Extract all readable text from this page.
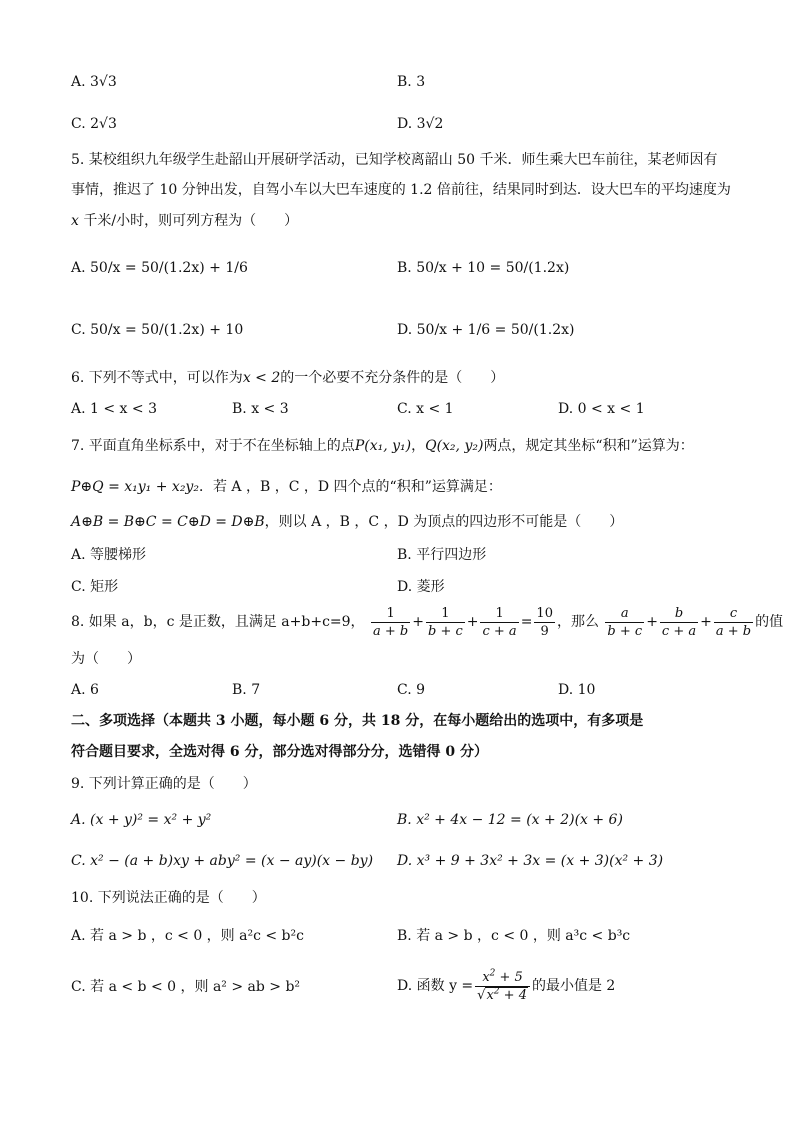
A. 3√3	B. 3
C. 2√3	D. 3√2
5. 某校组织九年级学生赴韶山开展研学活动，已知学校离韶山 50 千米．师生乘大巴车前往，某老师因有
事情，推迟了 10 分钟出发，自驾小车以大巴车速度的 1.2 倍前往，结果同时到达．设大巴车的平均速度为
x 千米/小时，则可列方程为（　　）
A. 50/x = 50/(1.2x) + 1/6	B. 50/x + 10 = 50/(1.2x)
C. 50/x = 50/(1.2x) + 10	D. 50/x + 1/6 = 50/(1.2x)
6. 下列不等式中，可以作为x < 2的一个必要不充分条件的是（　　）
A. 1 < x < 3	B. x < 3	C. x < 1	D. 0 < x < 1
7. 平面直角坐标系中，对于不在坐标轴上的点P(x₁, y₁)，Q(x₂, y₂)两点，规定其坐标“积和”运算为：
P⊕Q = x₁y₁ + x₂y₂．若 A ，B ，C ，D 四个点的“积和”运算满足：
A⊕B = B⊕C = C⊕D = D⊕B，则以 A ，B ，C ，D 为顶点的四边形不可能是（　　）
A. 等腰梯形	B. 平行四边形
C. 矩形	D. 菱形
8. 如果 a，b，c 是正数，且满足 a+b+c=9， $\frac{1}{a + b} + \frac{1}{b + c} + \frac{1}{c + a} = \frac{10}{9}$ ，那么 $\frac{a}{b + c} + \frac{b}{c + a} + \frac{c}{a + b}$ 的值
为（　　）
A. 6	B. 7	C. 9	D. 10
二、多项选择（本题共 3 小题，每小题 6 分，共 18 分，在每小题给出的选项中，有多项是
符合题目要求，全选对得 6 分，部分选对得部分分，选错得 0 分）
9. 下列计算正确的是（　　）
A. (x + y)² = x² + y²	B. x² + 4x − 12 = (x + 2)(x + 6)
C. x² − (a + b)xy + aby² = (x − ay)(x − by) D. x³ + 9 + 3x² + 3x = (x + 3)(x² + 3)
10. 下列说法正确的是（　　）
A. 若 a > b ，c < 0 ，则 a²c < b²c	B. 若 a > b ，c < 0 ，则 a³c < b³c
C. 若 a < b < 0 ，则 a² > ab > b²	D. 函数 $y = \frac{x^2 + 5}{√x^2 + 4}$ 的最小值是 2
